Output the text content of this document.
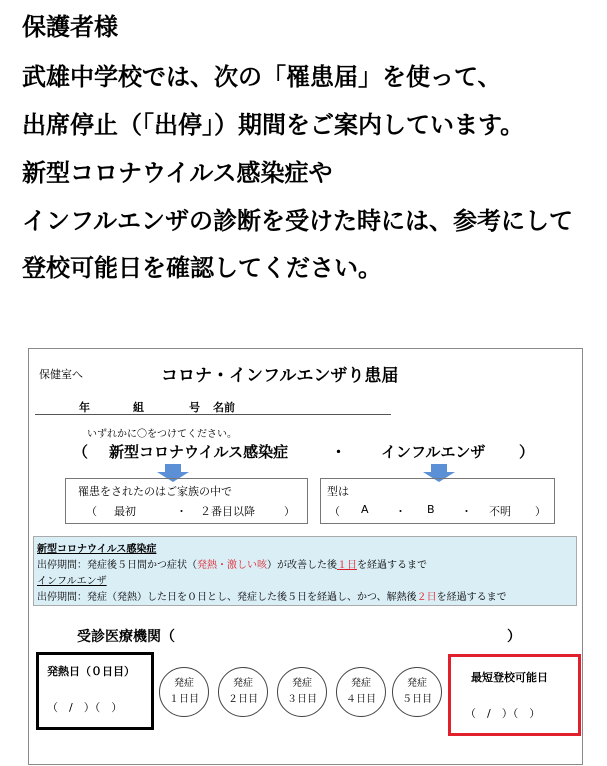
保護者様
武雄中学校では、次の「罹患届」を使って、
出席停止（「出停」）期間をご案内しています。
新型コロナウイルス感染症や
インフルエンザの診断を受けた時には、参考にして
登校可能日を確認してください。
保健室へ	コロナ・インフルエンザり患届
年	組	号 名前
いずれかに〇をつけてください。
（ 新型コロナウイルス感染症	・ インフルエンザ ）
罹患をされたのはご家族の中で
（ 最初	・ ２番目以降	）
型は
（ A ・ B ・ 不明 ）
新型コロナウイルス感染症
出停期間：発症後５日間かつ症状（発熱・激しい咳）が改善した後１日を経過するまで
インフルエンザ
出停期間：発症（発熱）した日を０日とし、発症した後５日を経過し、かつ、解熱後２日を経過するまで
受診医療機関（	）
発熱日（０日目）
（　/　）（　）
発症
１日目
発症
２日目
発症
３日目
発症
４日目
発症
５日目
最短登校可能日
（　/　）（　）
